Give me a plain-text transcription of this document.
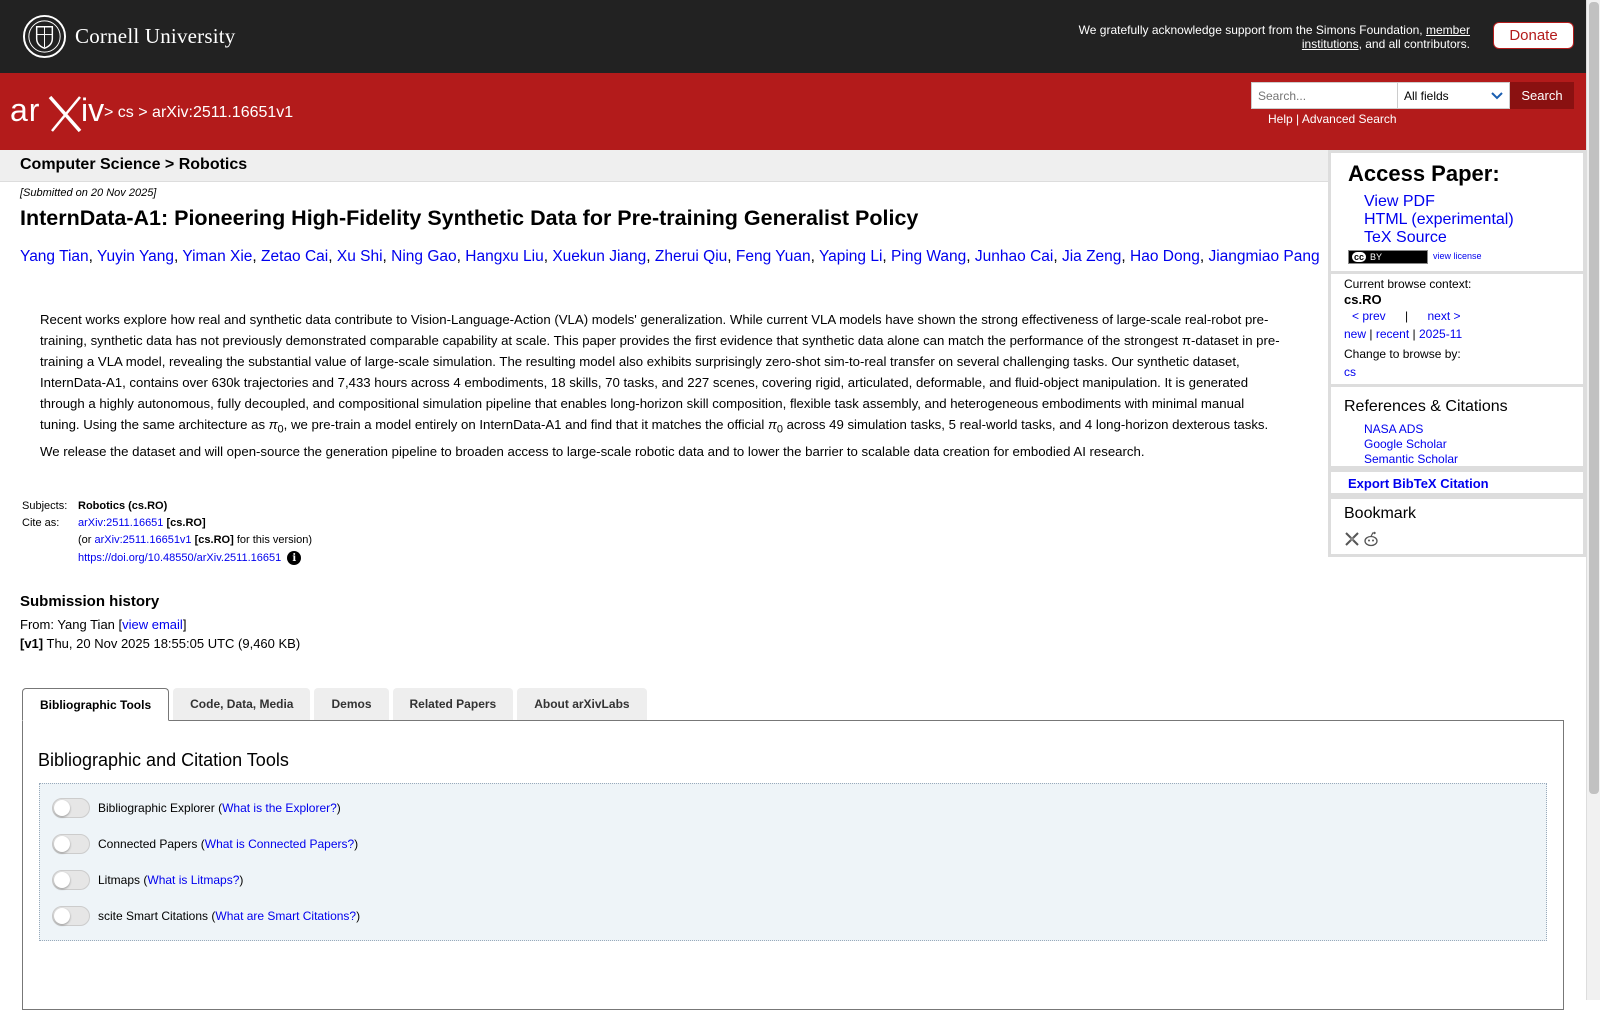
Cornell University	We gratefully acknowledge support from the Simons Foundation, member institutions, and all contributors.	Donate
ar iv > cs > arXiv:2511.16651v1
Search...
All fields	Search
Help | Advanced Search
Computer Science > Robotics
[Submitted on 20 Nov 2025]
InternData-A1: Pioneering High-Fidelity Synthetic Data for Pre-training Generalist Policy
Yang Tian, Yuyin Yang, Yiman Xie, Zetao Cai, Xu Shi, Ning Gao, Hangxu Liu, Xuekun Jiang, Zherui Qiu, Feng Yuan, Yaping Li, Ping Wang, Junhao Cai, Jia Zeng, Hao Dong, Jiangmiao Pang

Recent works explore how real and synthetic data contribute to Vision-Language-Action (VLA) models' generalization. While current VLA models have shown the strong effectiveness of large-scale real-robot pre-training, synthetic data has not previously demonstrated comparable capability at scale. This paper provides the first evidence that synthetic data alone can match the performance of the strongest π-dataset in pre-training a VLA model, revealing the substantial value of large-scale simulation. The resulting model also exhibits surprisingly zero-shot sim-to-real transfer on several challenging tasks. Our synthetic dataset, InternData-A1, contains over 630k trajectories and 7,433 hours across 4 embodiments, 18 skills, 70 tasks, and 227 scenes, covering rigid, articulated, deformable, and fluid-object manipulation. It is generated through a highly autonomous, fully decoupled, and compositional simulation pipeline that enables long-horizon skill composition, flexible task assembly, and heterogeneous embodiments with minimal manual tuning. Using the same architecture as $\pi_0$, we pre-train a model entirely on InternData-A1 and find that it matches the official $\pi_0$ across 49 simulation tasks, 5 real-world tasks, and 4 long-horizon dexterous tasks. We release the dataset and will open-source the generation pipeline to broaden access to large-scale robotic data and to lower the barrier to scalable data creation for embodied AI research.

Subjects: Robotics (cs.RO)
Cite as:	arXiv:2511.16651 [cs.RO]
(or arXiv:2511.16651v1 [cs.RO] for this version)
https://doi.org/10.48550/arXiv.2511.16651 i
Submission history
From: Yang Tian [view email]
[v1] Thu, 20 Nov 2025 18:55:05 UTC (9,460 KB)
Bibliographic Tools	Code, Data, Media	Demos	Related Papers	About arXivLabs
Bibliographic and Citation Tools
Bibliographic Explorer ( What is the Explorer? )
Connected Papers ( What is Connected Papers? )
Litmaps ( What is Litmaps? )
scite Smart Citations ( What are Smart Citations? )
Access Paper:
View PDF
HTML (experimental)
TeX Source
cc BY	view license
Current browse context:
cs.RO
< prev | next >
new | recent | 2025-11
Change to browse by:
cs
References & Citations
NASA ADS
Google Scholar
Semantic Scholar
Export BibTeX Citation
Bookmark
